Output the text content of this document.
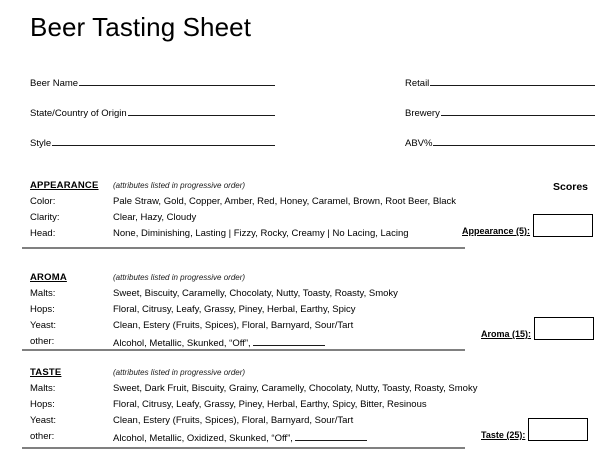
Beer Tasting Sheet
Beer Name	Retail
State/Country of Origin	Brewery
Style	ABV%
APPEARANCE (attributes listed in progressive order)
Color:	Pale Straw, Gold, Copper, Amber, Red, Honey, Caramel, Brown, Root Beer, Black
Clarity:	Clear, Hazy, Cloudy
Head:	None, Diminishing, Lasting | Fizzy, Rocky, Creamy | No Lacing, Lacing
AROMA	(attributes listed in progressive order)
Malts:	Sweet, Biscuity, Caramelly, Chocolaty, Nutty, Toasty, Roasty, Smoky
Hops:	Floral, Citrusy, Leafy, Grassy, Piney, Herbal, Earthy, Spicy
Yeast:	Clean, Estery (Fruits, Spices), Floral, Barnyard, Sour/Tart
other:	Alcohol, Metallic, Skunked, “Off”,
TASTE	(attributes listed in progressive order)
Malts:	Sweet, Dark Fruit, Biscuity, Grainy, Caramelly, Chocolaty, Nutty, Toasty, Roasty, Smoky
Hops:	Floral, Citrusy, Leafy, Grassy, Piney, Herbal, Earthy, Spicy, Bitter, Resinous
Yeast:	Clean, Estery (Fruits, Spices), Floral, Barnyard, Sour/Tart
other:	Alcohol, Metallic, Oxidized, Skunked, “Off”,
Scores
Appearance (5):
Aroma (15):
Taste (25):
